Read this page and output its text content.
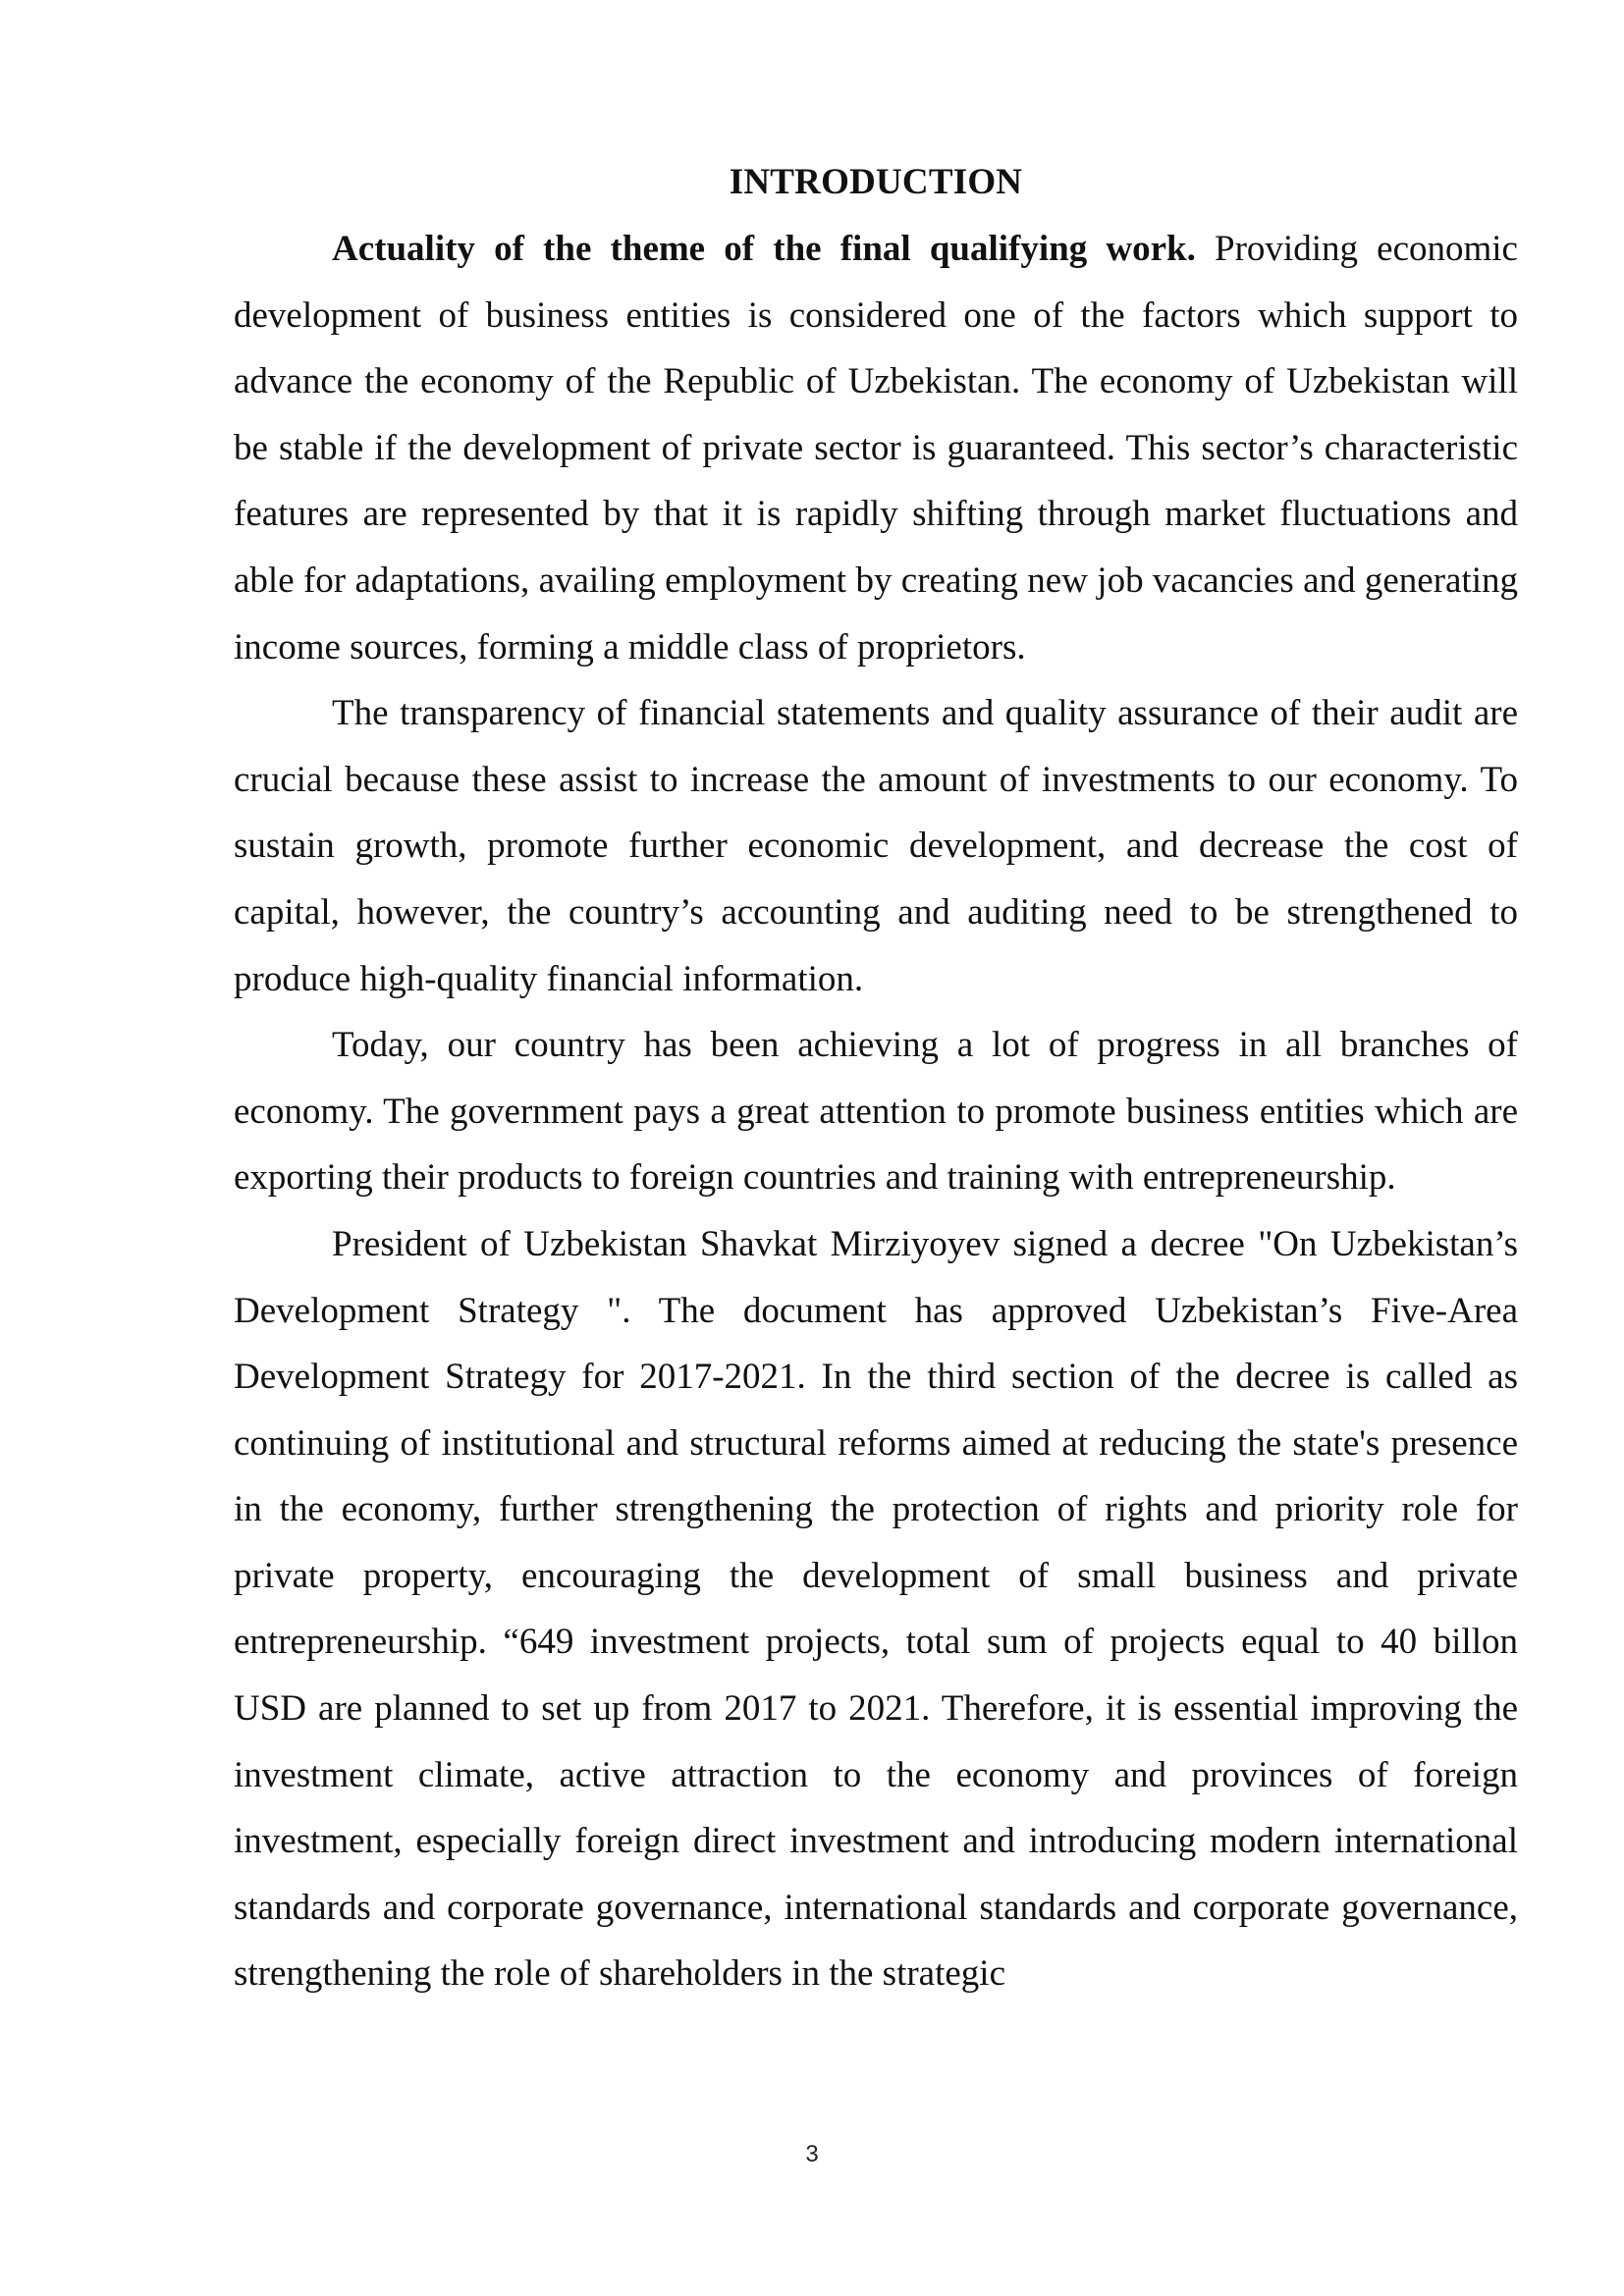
INTRODUCTION

Actuality of the theme of the final qualifying work. Providing economic development of business entities is considered one of the factors which support to advance the economy of the Republic of Uzbekistan. The economy of Uzbekistan will be stable if the development of private sector is guaranteed. This sector’s characteristic features are represented by that it is rapidly shifting through market fluctuations and able for adaptations, availing employment by creating new job vacancies and generating income sources, forming a middle class of proprietors.

The transparency of financial statements and quality assurance of their audit are crucial because these assist to increase the amount of investments to our economy. To sustain growth, promote further economic development, and decrease the cost of capital, however, the country’s accounting and auditing need to be strengthened to produce high-quality financial information.

Today, our country has been achieving a lot of progress in all branches of economy. The government pays a great attention to promote business entities which are exporting their products to foreign countries and training with entrepreneurship.

President of Uzbekistan Shavkat Mirziyoyev signed a decree "On Uzbekistan’s Development Strategy ". The document has approved Uzbekistan’s Five-Area Development Strategy for 2017-2021. In the third section of the decree is called as continuing of institutional and structural reforms aimed at reducing the state's presence in the economy, further strengthening the protection of rights and priority role for private property, encouraging the development of small business and private entrepreneurship. “649 investment projects, total sum of projects equal to 40 billon USD are planned to set up from 2017 to 2021. Therefore, it is essential improving the investment climate, active attraction to the economy and provinces of foreign investment, especially foreign direct investment and introducing modern international standards and corporate governance, international standards and corporate governance, strengthening the role of shareholders in the strategic

3
